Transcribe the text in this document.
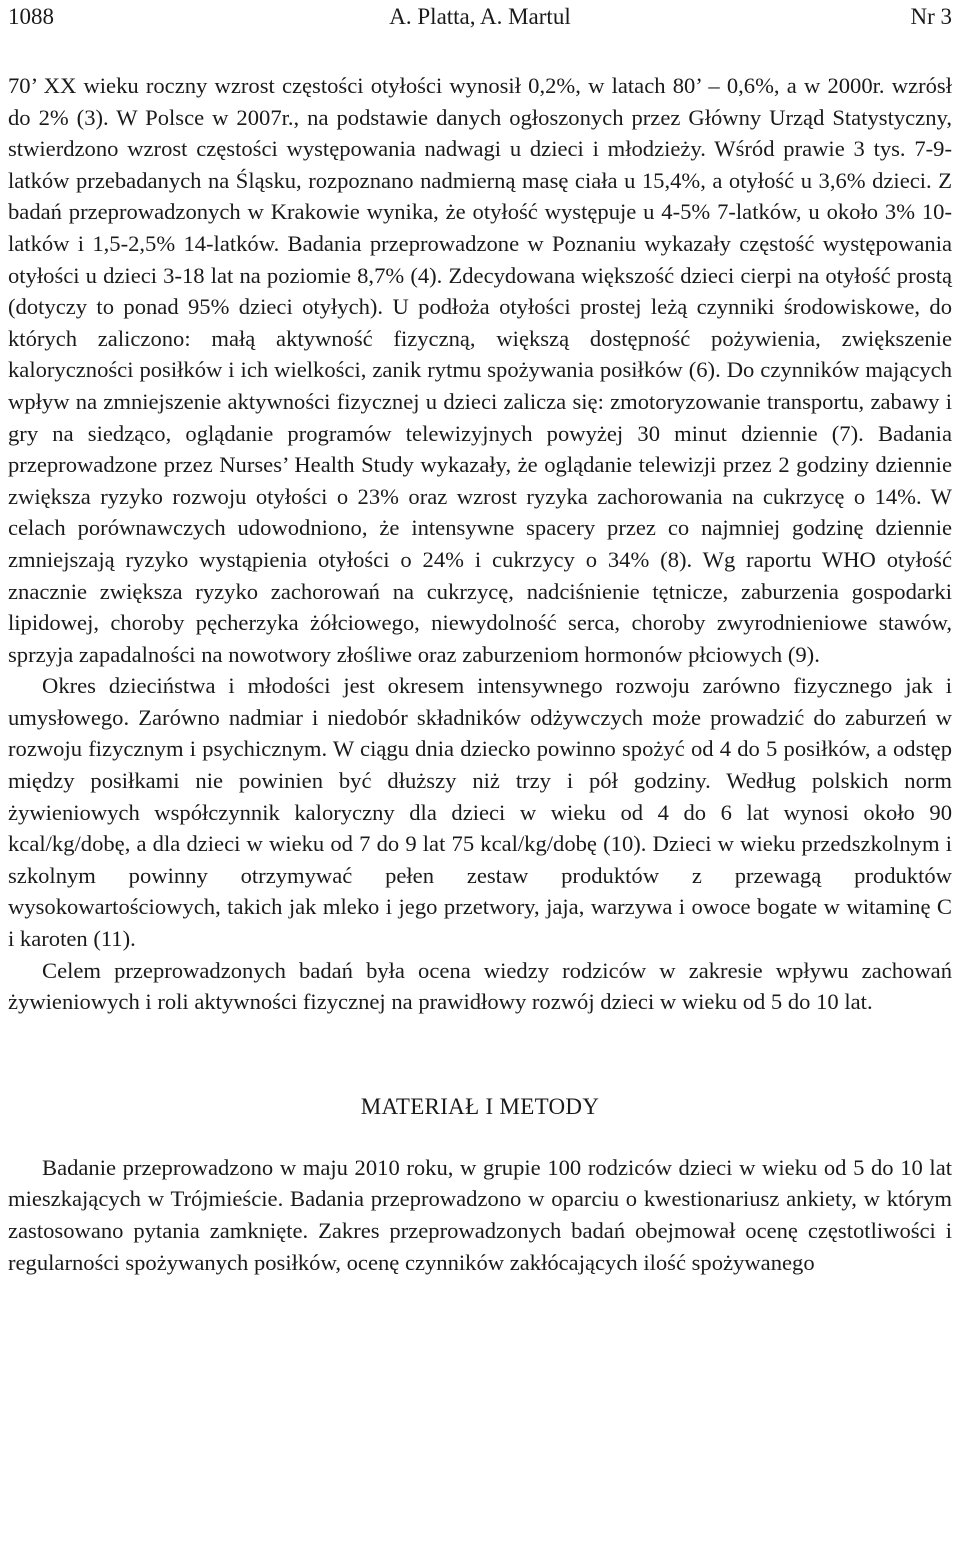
1088	A. Platta, A. Martul	Nr 3

70’ XX wieku roczny wzrost częstości otyłości wynosił 0,2%, w latach 80’ – 0,6%, a w 2000r. wzrósł do 2% (3). W Polsce w 2007r., na podstawie danych ogłoszonych przez Główny Urząd Statystyczny, stwierdzono wzrost częstości występowania nadwagi u dzieci i młodzieży. Wśród prawie 3 tys. 7-9-latków przebadanych na Śląsku, rozpoznano nadmierną masę ciała u 15,4%, a otyłość u 3,6% dzieci. Z badań przeprowadzonych w Krakowie wynika, że otyłość występuje u 4-5% 7-latków, u około 3% 10-latków i 1,5-2,5% 14-latków. Badania przeprowadzone w Poznaniu wykazały częstość występowania otyłości u dzieci 3-18 lat na poziomie 8,7% (4). Zdecydowana większość dzieci cierpi na otyłość prostą (dotyczy to ponad 95% dzieci otyłych). U podłoża otyłości prostej leżą czynniki środowiskowe, do których zaliczono: małą aktywność fizyczną, większą dostępność pożywienia, zwiększenie kaloryczności posiłków i ich wielkości, zanik rytmu spożywania posiłków (6). Do czynników mających wpływ na zmniejszenie aktywności fizycznej u dzieci zalicza się: zmotoryzowanie transportu, zabawy i gry na siedząco, oglądanie programów telewizyjnych powyżej 30 minut dziennie (7). Badania przeprowadzone przez Nurses’ Health Study wykazały, że oglądanie telewizji przez 2 godziny dziennie zwiększa ryzyko rozwoju otyłości o 23% oraz wzrost ryzyka zachorowania na cukrzycę o 14%. W celach porównawczych udowodniono, że intensywne spacery przez co najmniej godzinę dziennie zmniejszają ryzyko wystąpienia otyłości o 24% i cukrzycy o 34% (8). Wg raportu WHO otyłość znacznie zwiększa ryzyko zachorowań na cukrzycę, nadciśnienie tętnicze, zaburzenia gospodarki lipidowej, choroby pęcherzyka żółciowego, niewydolność serca, choroby zwyrodnieniowe stawów, sprzyja zapadalności na nowotwory złośliwe oraz zaburzeniom hormonów płciowych (9).

Okres dzieciństwa i młodości jest okresem intensywnego rozwoju zarówno fizycznego jak i umysłowego. Zarówno nadmiar i niedobór składników odżywczych może prowadzić do zaburzeń w rozwoju fizycznym i psychicznym. W ciągu dnia dziecko powinno spożyć od 4 do 5 posiłków, a odstęp między posiłkami nie powinien być dłuższy niż trzy i pół godziny. Według polskich norm żywieniowych współczynnik kaloryczny dla dzieci w wieku od 4 do 6 lat wynosi około 90 kcal/kg/dobę, a dla dzieci w wieku od 7 do 9 lat 75 kcal/kg/dobę (10). Dzieci w wieku przedszkolnym i szkolnym powinny otrzymywać pełen zestaw produktów z przewagą produktów wysokowartościowych, takich jak mleko i jego przetwory, jaja, warzywa i owoce bogate w witaminę C i karoten (11).

Celem przeprowadzonych badań była ocena wiedzy rodziców w zakresie wpływu zachowań żywieniowych i roli aktywności fizycznej na prawidłowy rozwój dzieci w wieku od 5 do 10 lat.

MATERIAŁ I METODY

Badanie przeprowadzono w maju 2010 roku, w grupie 100 rodziców dzieci w wieku od 5 do 10 lat mieszkających w Trójmieście. Badania przeprowadzono w oparciu o kwestionariusz ankiety, w którym zastosowano pytania zamknięte. Zakres przeprowadzonych badań obejmował ocenę częstotliwości i regularności spożywanych posiłków, ocenę czynników zakłócających ilość spożywanego
